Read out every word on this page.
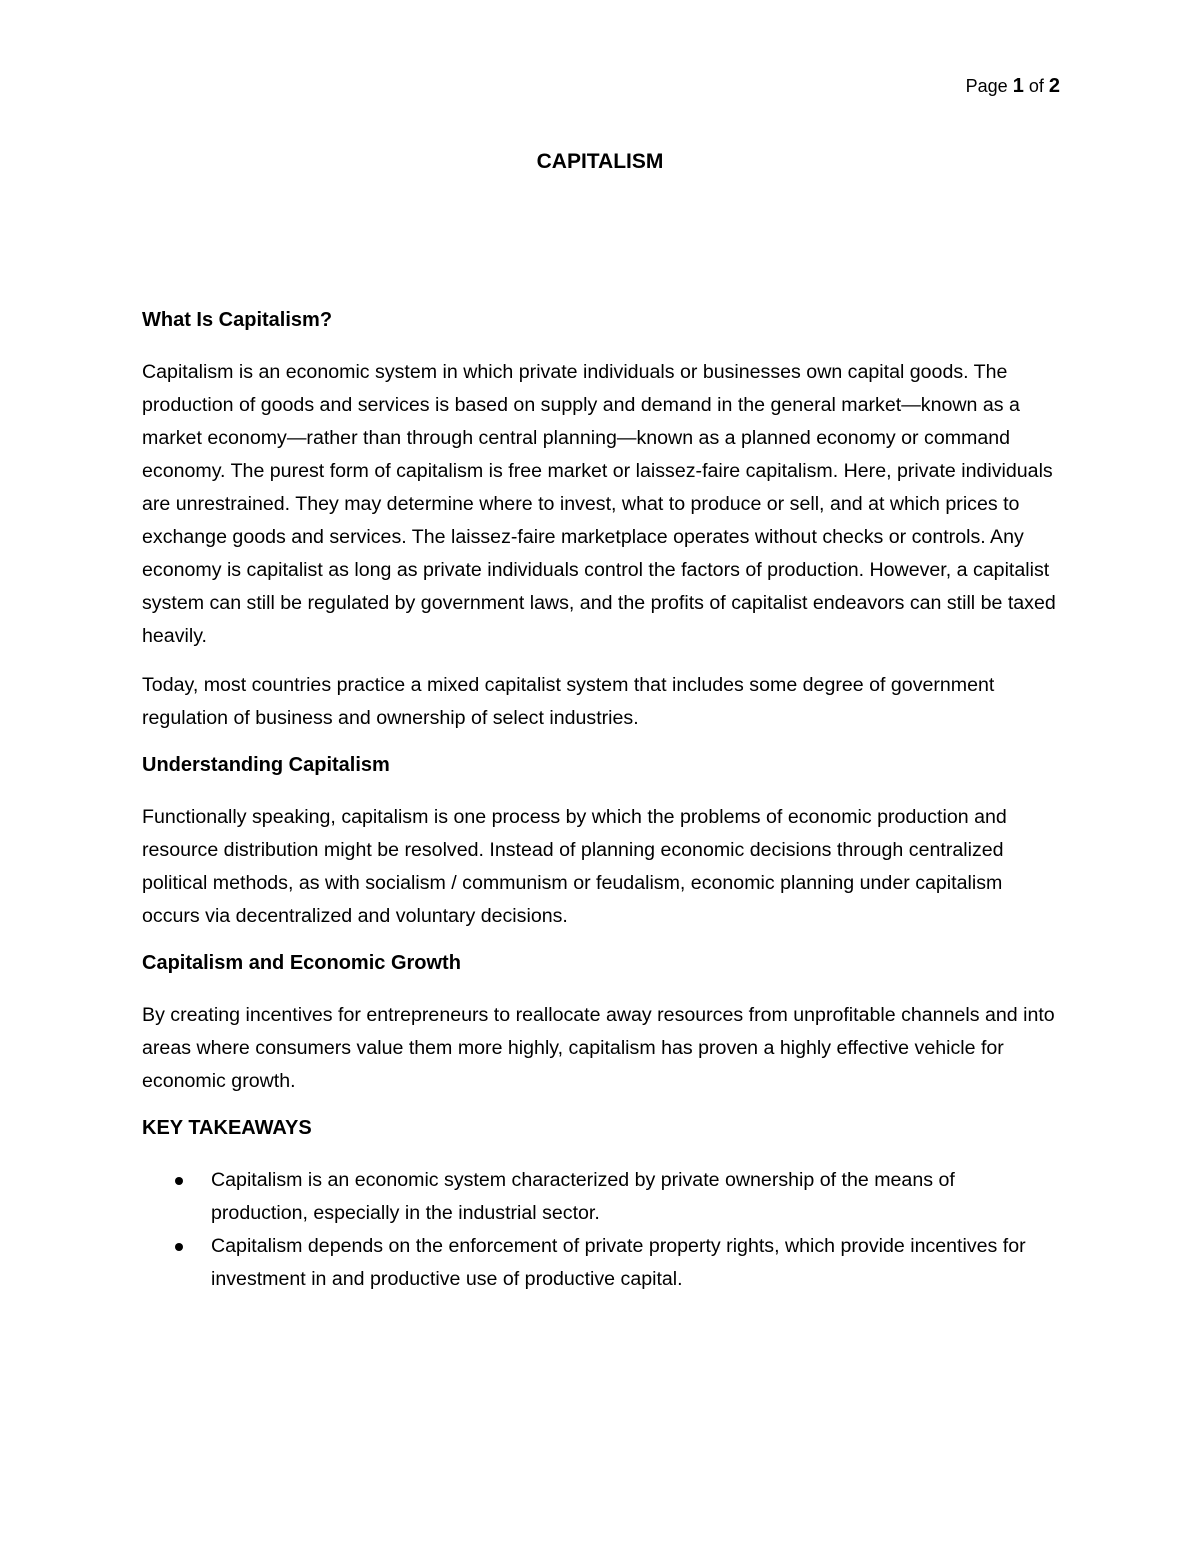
Page 1 of 2
CAPITALISM
What Is Capitalism?

Capitalism is an economic system in which private individuals or businesses own capital goods. The production of goods and services is based on supply and demand in the general market—known as a market economy—rather than through central planning—known as a planned economy or command economy. The purest form of capitalism is free market or laissez-faire capitalism. Here, private individuals are unrestrained. They may determine where to invest, what to produce or sell, and at which prices to exchange goods and services. The laissez-faire marketplace operates without checks or controls. Any economy is capitalist as long as private individuals control the factors of production. However, a capitalist system can still be regulated by government laws, and the profits of capitalist endeavors can still be taxed heavily.

Today, most countries practice a mixed capitalist system that includes some degree of government regulation of business and ownership of select industries.

Understanding Capitalism

Functionally speaking, capitalism is one process by which the problems of economic production and resource distribution might be resolved. Instead of planning economic decisions through centralized political methods, as with socialism / communism or feudalism, economic planning under capitalism occurs via decentralized and voluntary decisions.

Capitalism and Economic Growth

By creating incentives for entrepreneurs to reallocate away resources from unprofitable channels and into areas where consumers value them more highly, capitalism has proven a highly effective vehicle for economic growth.

KEY TAKEAWAYS
Capitalism is an economic system characterized by private ownership of the means of production, especially in the industrial sector.
Capitalism depends on the enforcement of private property rights, which provide incentives for investment in and productive use of productive capital.
